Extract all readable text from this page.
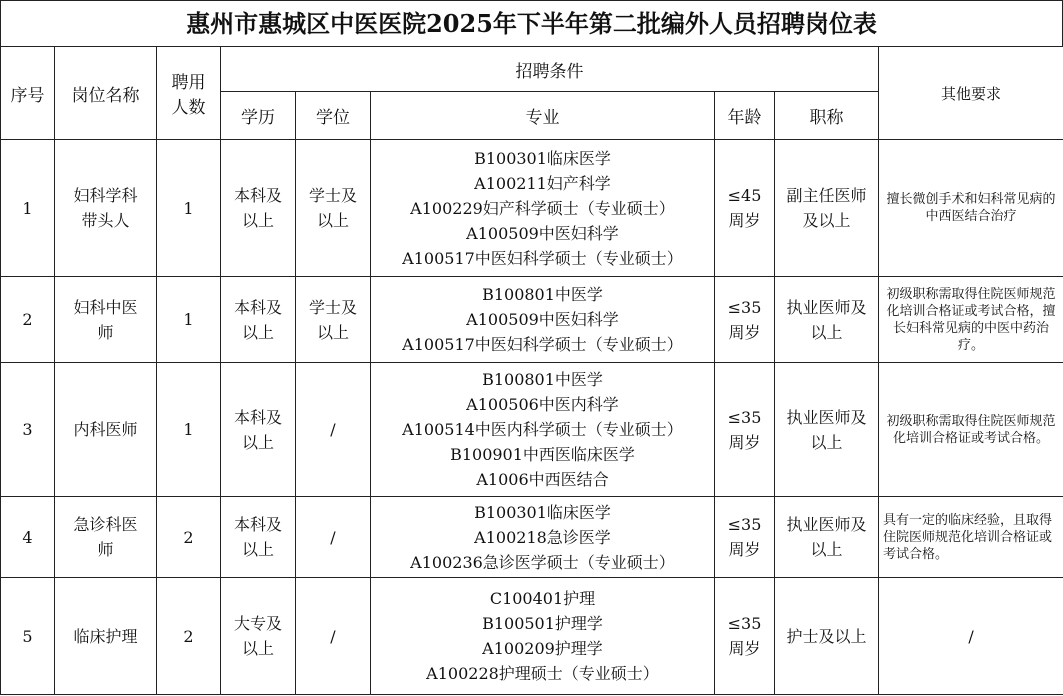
惠州市惠城区中医医院2025年下半年第二批编外人员招聘岗位表
序号	岗位名称	聘用人数	招聘条件					其他要求
			学历	学位	专业	年龄	职称	
1	妇科学科带头人	1	本科及以上	学士及以上	B100301临床医学
A100211妇产科学
A100229妇产科学硕士（专业硕士）
A100509中医妇科学
A100517中医妇科学硕士（专业硕士）	≤45周岁	副主任医师及以上	擅长微创手术和妇科常见病的中西医结合治疗
2	妇科中医师	1	本科及以上	学士及以上	B100801中医学
A100509中医妇科学
A100517中医妇科学硕士（专业硕士）	≤35周岁	执业医师及以上	初级职称需取得住院医师规范化培训合格证或考试合格，擅长妇科常见病的中医中药治疗。
3	内科医师	1	本科及以上	/	B100801中医学
A100506中医内科学
A100514中医内科学硕士（专业硕士）
B100901中西医临床医学
A1006中西医结合	≤35周岁	执业医师及以上	初级职称需取得住院医师规范化培训合格证或考试合格。
4	急诊科医师	2	本科及以上	/	B100301临床医学
A100218急诊医学
A100236急诊医学硕士（专业硕士）	≤35周岁	执业医师及以上	具有一定的临床经验，且取得住院医师规范化培训合格证或考试合格。
5	临床护理	2	大专及以上	/	C100401护理
B100501护理学
A100209护理学
A100228护理硕士（专业硕士）	≤35周岁	护士及以上	/
